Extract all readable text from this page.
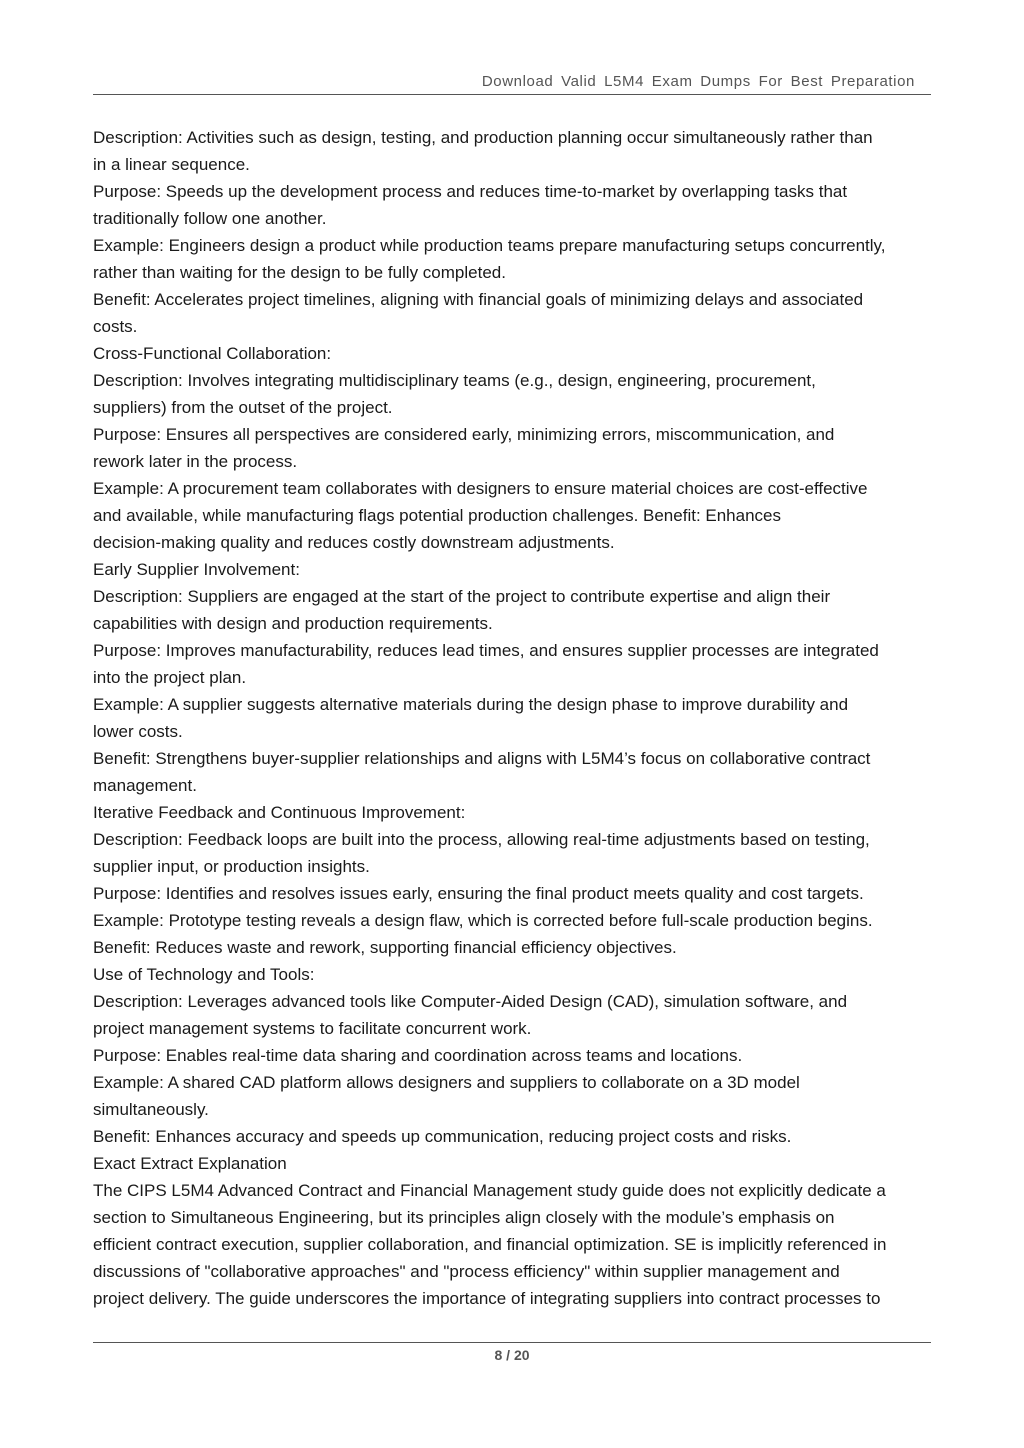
Download Valid L5M4 Exam Dumps For Best Preparation
Description: Activities such as design, testing, and production planning occur simultaneously rather than
in a linear sequence.
Purpose: Speeds up the development process and reduces time-to-market by overlapping tasks that
traditionally follow one another.
Example: Engineers design a product while production teams prepare manufacturing setups concurrently,
rather than waiting for the design to be fully completed.
Benefit: Accelerates project timelines, aligning with financial goals of minimizing delays and associated
costs.
Cross-Functional Collaboration:
Description: Involves integrating multidisciplinary teams (e.g., design, engineering, procurement,
suppliers) from the outset of the project.
Purpose: Ensures all perspectives are considered early, minimizing errors, miscommunication, and
rework later in the process.
Example: A procurement team collaborates with designers to ensure material choices are cost-effective
and available, while manufacturing flags potential production challenges. Benefit: Enhances
decision-making quality and reduces costly downstream adjustments.
Early Supplier Involvement:
Description: Suppliers are engaged at the start of the project to contribute expertise and align their
capabilities with design and production requirements.
Purpose: Improves manufacturability, reduces lead times, and ensures supplier processes are integrated
into the project plan.
Example: A supplier suggests alternative materials during the design phase to improve durability and
lower costs.
Benefit: Strengthens buyer-supplier relationships and aligns with L5M4’s focus on collaborative contract
management.
Iterative Feedback and Continuous Improvement:
Description: Feedback loops are built into the process, allowing real-time adjustments based on testing,
supplier input, or production insights.
Purpose: Identifies and resolves issues early, ensuring the final product meets quality and cost targets.
Example: Prototype testing reveals a design flaw, which is corrected before full-scale production begins.
Benefit: Reduces waste and rework, supporting financial efficiency objectives.
Use of Technology and Tools:
Description: Leverages advanced tools like Computer-Aided Design (CAD), simulation software, and
project management systems to facilitate concurrent work.
Purpose: Enables real-time data sharing and coordination across teams and locations.
Example: A shared CAD platform allows designers and suppliers to collaborate on a 3D model
simultaneously.
Benefit: Enhances accuracy and speeds up communication, reducing project costs and risks.
Exact Extract Explanation
The CIPS L5M4 Advanced Contract and Financial Management study guide does not explicitly dedicate a
section to Simultaneous Engineering, but its principles align closely with the module’s emphasis on
efficient contract execution, supplier collaboration, and financial optimization. SE is implicitly referenced in
discussions of "collaborative approaches" and "process efficiency" within supplier management and
project delivery. The guide underscores the importance of integrating suppliers into contract processes to
8 / 20
